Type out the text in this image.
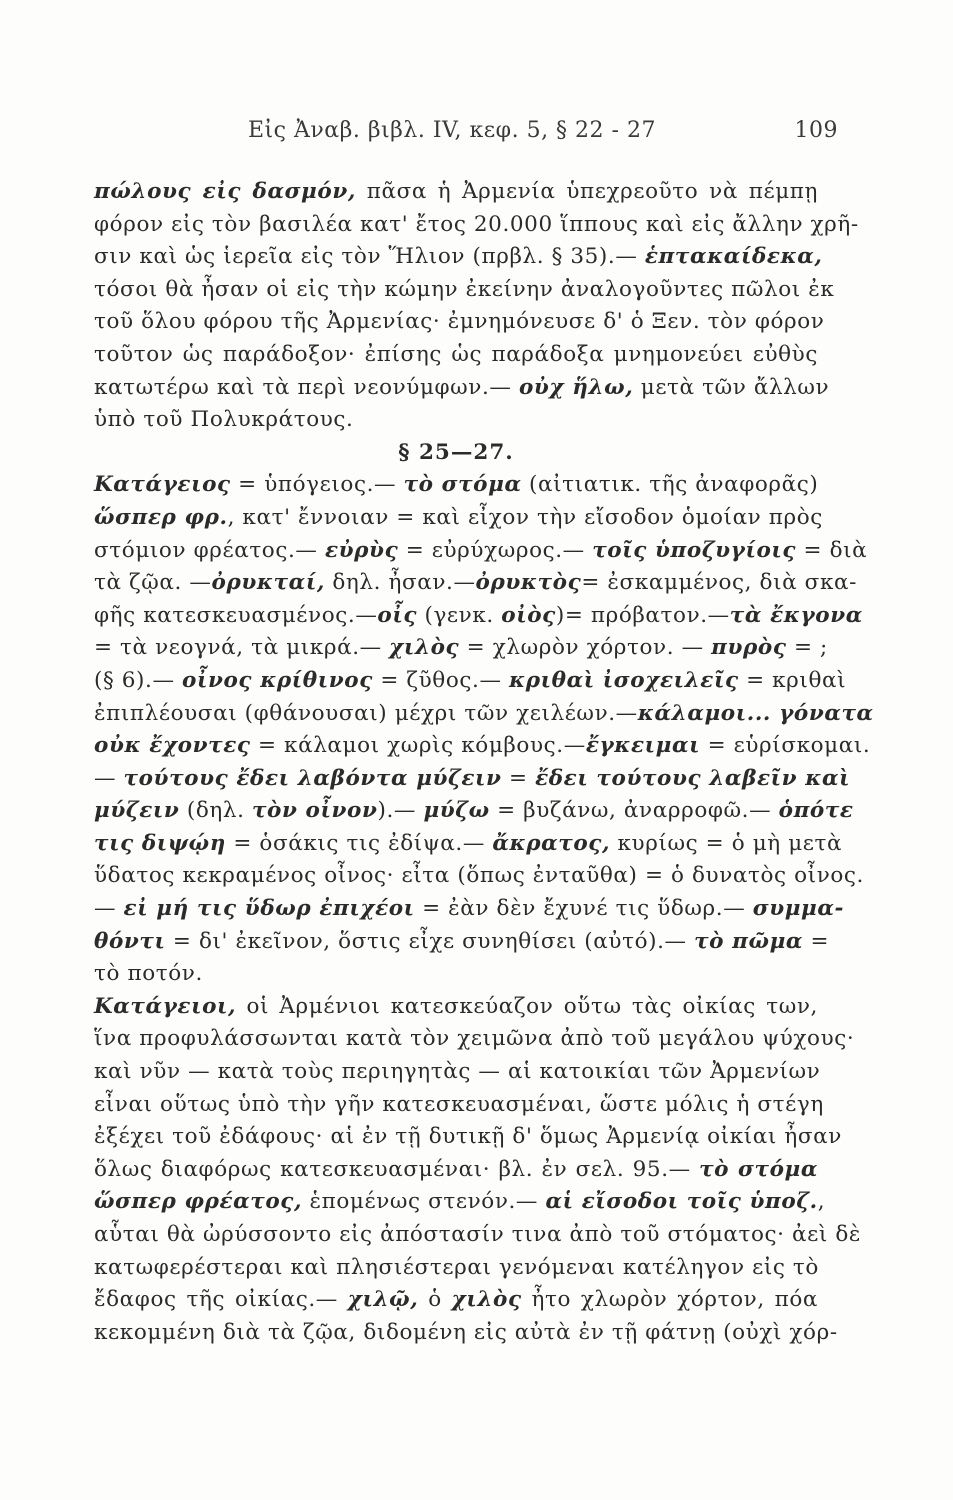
Εἰς Ἀναβ. βιβλ. IV, κεφ. 5, § 22 - 27	109
πώλους εἰς δασμόν, πᾶσα ἡ Ἀρμενία ὑπεχρεοῦτο νὰ πέμπῃ
φόρον εἰς τὸν βασιλέα κατ' ἔτος 20.000 ἵππους καὶ εἰς ἄλλην χρῆ-
σιν καὶ ὡς ἱερεῖα εἰς τὸν Ἥλιον (πρβλ. § 35).— ἑπτακαίδεκα,
τόσοι θὰ ἦσαν οἱ εἰς τὴν κώμην ἐκείνην ἀναλογοῦντες πῶλοι ἐκ
τοῦ ὅλου φόρου τῆς Ἀρμενίας· ἐμνημόνευσε δ' ὁ Ξεν. τὸν φόρον
τοῦτον ὡς παράδοξον· ἐπίσης ὡς παράδοξα μνημονεύει εὐθὺς
κατωτέρω καὶ τὰ περὶ νεονύμφων.— οὐχ ἥλω, μετὰ τῶν ἄλλων
ὑπὸ τοῦ Πολυκράτους.
§ 25—27.
Κατάγειος = ὑπόγειος.— τὸ στόμα (αἰτιατικ. τῆς ἀναφορᾶς)
ὥσπερ φρ., κατ' ἔννοιαν = καὶ εἶχον τὴν εἴσοδον ὁμοίαν πρὸς
στόμιον φρέατος.— εὐρὺς = εὐρύχωρος.— τοῖς ὑποζυγίοις = διὰ
τὰ ζῷα. —ὀρυκταί, δηλ. ἦσαν.—ὀρυκτὸς= ἐσκαμμένος, διὰ σκα-
φῆς κατεσκευασμένος.—οἶς (γενκ. οἰὸς)= πρόβατον.—τὰ ἔκγονα
= τὰ νεογνά, τὰ μικρά.— χιλὸς = χλωρὸν χόρτον. — πυρὸς = ;
(§ 6).— οἶνος κρίθινος = ζῦθος.— κριθαὶ ἰσοχειλεῖς = κριθαὶ
ἐπιπλέουσαι (φθάνουσαι) μέχρι τῶν χειλέων.—κάλαμοι... γόνατα
οὐκ ἔχοντες = κάλαμοι χωρὶς κόμβους.—ἔγκειμαι = εὑρίσκομαι.
— τούτους ἔδει λαβόντα μύζειν = ἔδει τούτους λαβεῖν καὶ
μύζειν (δηλ. τὸν οἶνον).— μύζω = βυζάνω, ἀναρροφῶ.— ὁπότε
τις διψῴη = ὁσάκις τις ἐδίψα.— ἄκρατος, κυρίως = ὁ μὴ μετὰ
ὕδατος κεκραμένος οἶνος· εἶτα (ὅπως ἐνταῦθα) = ὁ δυνατὸς οἶνος.
— εἰ μή τις ὕδωρ ἐπιχέοι = ἐὰν δὲν ἔχυνέ τις ὕδωρ.— συμμα-
θόντι = δι' ἐκεῖνον, ὅστις εἶχε συνηθίσει (αὐτό).— τὸ πῶμα =
τὸ ποτόν.
Κατάγειοι, οἱ Ἀρμένιοι κατεσκεύαζον οὕτω τὰς οἰκίας των,
ἵνα προφυλάσσωνται κατὰ τὸν χειμῶνα ἀπὸ τοῦ μεγάλου ψύχους·
καὶ νῦν — κατὰ τοὺς περιηγητὰς — αἱ κατοικίαι τῶν Ἀρμενίων
εἶναι οὕτως ὑπὸ τὴν γῆν κατεσκευασμέναι, ὥστε μόλις ἡ στέγη
ἐξέχει τοῦ ἐδάφους· αἱ ἐν τῇ δυτικῇ δ' ὅμως Ἀρμενίᾳ οἰκίαι ἦσαν
ὅλως διαφόρως κατεσκευασμέναι· βλ. ἐν σελ. 95.— τὸ στόμα
ὥσπερ φρέατος, ἑπομένως στενόν.— αἱ εἴσοδοι τοῖς ὑποζ.,
αὗται θὰ ὠρύσσοντο εἰς ἀπόστασίν τινα ἀπὸ τοῦ στόματος· ἀεὶ δὲ
κατωφερέστεραι καὶ πλησιέστεραι γενόμεναι κατέληγον εἰς τὸ
ἔδαφος τῆς οἰκίας.— χιλῷ, ὁ χιλὸς ἦτο χλωρὸν χόρτον, πόα
κεκομμένη διὰ τὰ ζῷα, διδομένη εἰς αὐτὰ ἐν τῇ φάτνῃ (οὐχὶ χόρ-
